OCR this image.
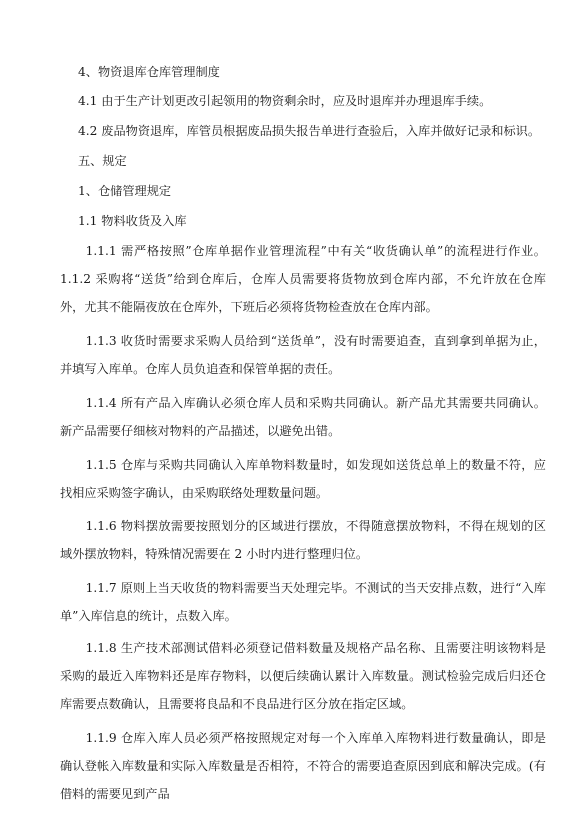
4、物资退库仓库管理制度

4.1 由于生产计划更改引起领用的物资剩余时，应及时退库并办理退库手续。

4.2 废品物资退库，库管员根据废品损失报告单进行查验后，入库并做好记录和标识。

五、规定

1、仓储管理规定

1.1 物料收货及入库

1.1.1 需严格按照”仓库单据作业管理流程”中有关“收货确认单”的流程进行作业。 1.1.2 采购将“送货”给到仓库后，仓库人员需要将货物放到仓库内部，不允许放在仓库外，尤其不能隔夜放在仓库外，下班后必须将货物检查放在仓库内部。

1.1.3 收货时需要求采购人员给到“送货单”，没有时需要追查，直到拿到单据为止，并填写入库单。仓库人员负追查和保管单据的责任。

1.1.4 所有产品入库确认必须仓库人员和采购共同确认。新产品尤其需要共同确认。新产品需要仔细核对物料的产品描述，以避免出错。

1.1.5 仓库与采购共同确认入库单物料数量时，如发现如送货总单上的数量不符，应找相应采购签字确认，由采购联络处理数量问题。

1.1.6 物料摆放需要按照划分的区域进行摆放，不得随意摆放物料，不得在规划的区域外摆放物料，特殊情况需要在 2 小时内进行整理归位。

1.1.7 原则上当天收货的物料需要当天处理完毕。不测试的当天安排点数，进行“入库单”入库信息的统计，点数入库。

1.1.8 生产技术部测试借料必须登记借料数量及规格产品名称、且需要注明该物料是采购的最近入库物料还是库存物料，以便后续确认累计入库数量。测试检验完成后归还仓库需要点数确认，且需要将良品和不良品进行区分放在指定区域。

1.1.9 仓库入库人员必须严格按照规定对每一个入库单入库物料进行数量确认，即是确认登帐入库数量和实际入库数量是否相符，不符合的需要追查原因到底和解决完成。(有借料的需要见到产品
